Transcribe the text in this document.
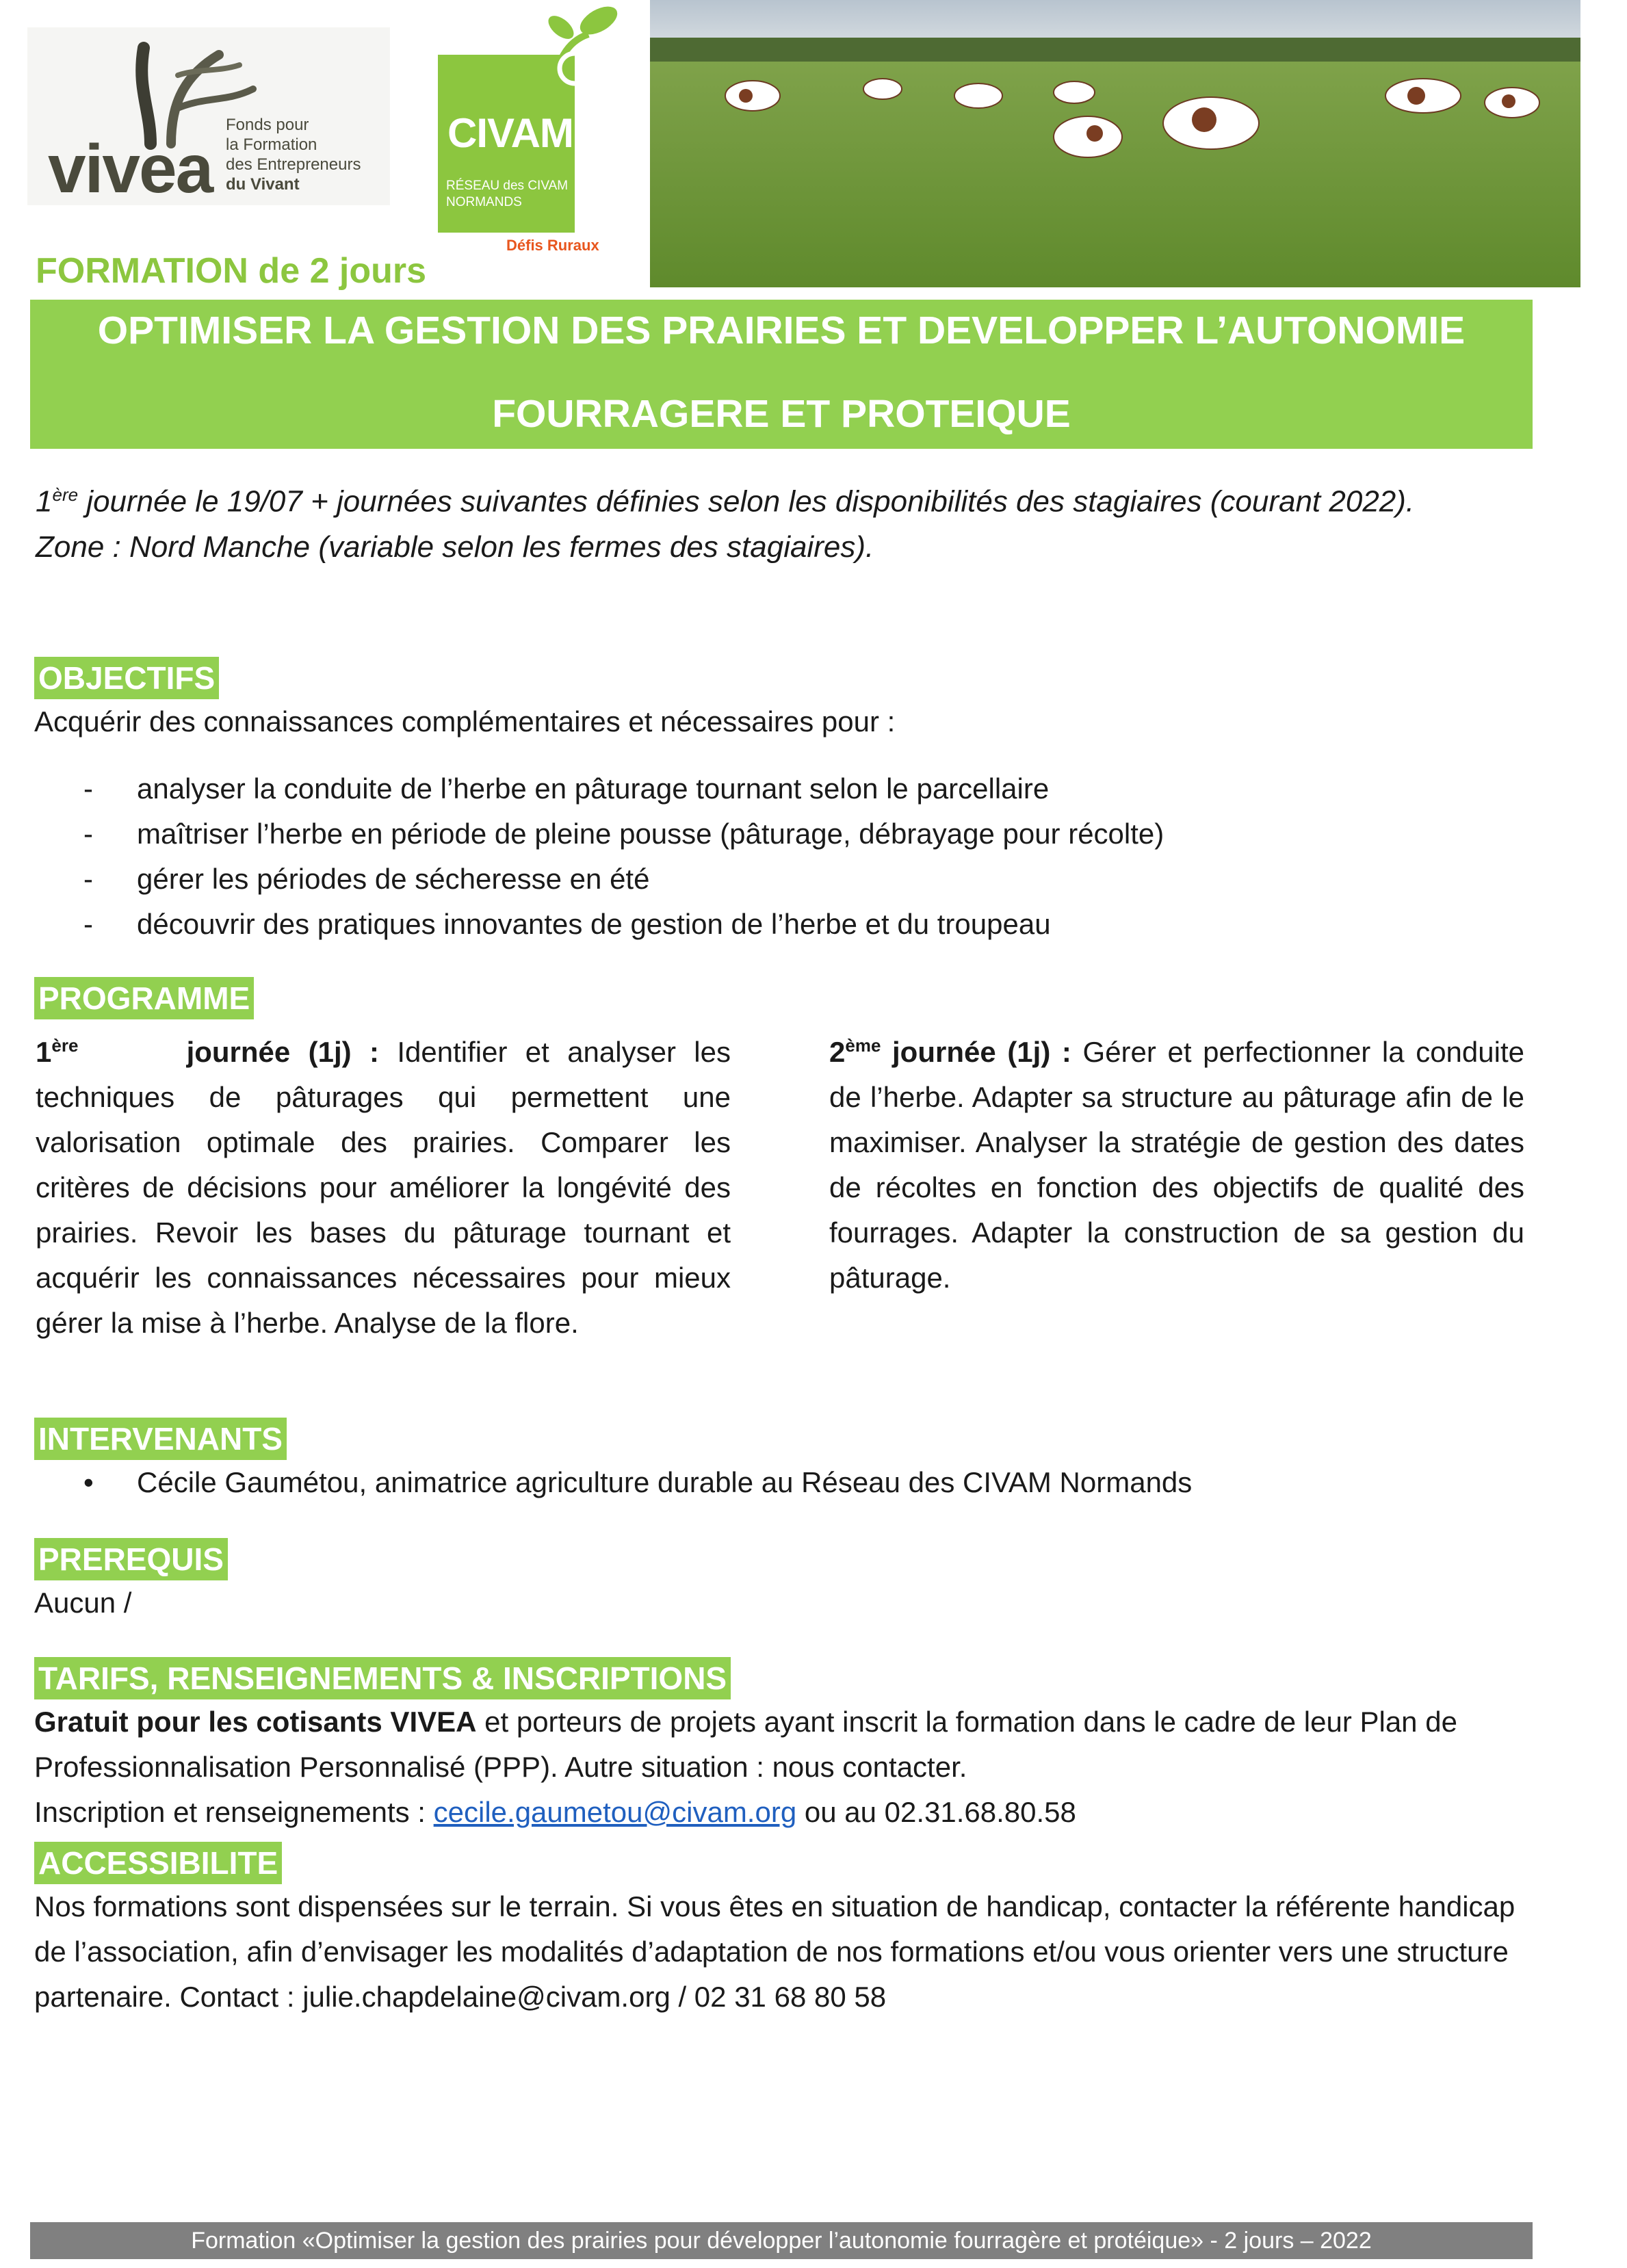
vivea
Fonds pour
la Formation
des Entrepreneurs
du Vivant
CIVAM
RÉSEAU des CIVAM
NORMANDS
Défis Ruraux
FORMATION de 2 jours
OPTIMISER LA GESTION DES PRAIRIES ET DEVELOPPER L’AUTONOMIE
FOURRAGERE ET PROTEIQUE
1ère journée le 19/07 + journées suivantes définies selon les disponibilités des stagiaires (courant 2022).
Zone : Nord Manche (variable selon les fermes des stagiaires).
OBJECTIFS
Acquérir des connaissances complémentaires et nécessaires pour :
- analyser la conduite de l’herbe en pâturage tournant selon le parcellaire
- maîtriser l’herbe en période de pleine pousse (pâturage, débrayage pour récolte)
- gérer les périodes de sécheresse en été
- découvrir des pratiques innovantes de gestion de l’herbe et du troupeau
PROGRAMME
1ère	journée (1j) : Identifier et analyser les techniques de pâturages qui permettent une valorisation optimale des prairies. Comparer les critères de décisions pour améliorer la longévité des prairies. Revoir les bases du pâturage tournant et acquérir les connaissances nécessaires pour mieux gérer la mise à l’herbe. Analyse de la flore.
2ème journée (1j) : Gérer et perfectionner la conduite de l’herbe. Adapter sa structure au pâturage afin de le maximiser. Analyser la stratégie de gestion des dates de récoltes en fonction des objectifs de qualité des fourrages. Adapter la construction de sa gestion du pâturage.
INTERVENANTS
• Cécile Gaumétou, animatrice agriculture durable au Réseau des CIVAM Normands
PREREQUIS
Aucun /
TARIFS, RENSEIGNEMENTS & INSCRIPTIONS
Gratuit pour les cotisants VIVEA et porteurs de projets ayant inscrit la formation dans le cadre de leur Plan de Professionnalisation Personnalisé (PPP). Autre situation : nous contacter.
Inscription et renseignements : cecile.gaumetou@civam.org ou au 02.31.68.80.58
ACCESSIBILITE
Nos formations sont dispensées sur le terrain. Si vous êtes en situation de handicap, contacter la référente handicap de l’association, afin d’envisager les modalités d’adaptation de nos formations et/ou vous orienter vers une structure partenaire. Contact : julie.chapdelaine@civam.org / 02 31 68 80 58
Formation «Optimiser la gestion des prairies pour développer l’autonomie fourragère et protéique» - 2 jours – 2022
